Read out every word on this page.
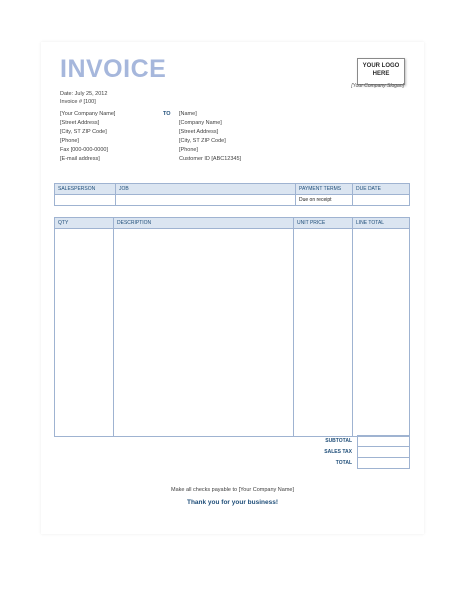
INVOICE	YOUR LOGO
HERE
[Your Company Slogan]
Date: July 25, 2012
Invoice # [100]
[Your Company Name]
[Street Address]
[City, ST ZIP Code]
[Phone]
Fax [000-000-0000]
[E-mail address]
TO [Name]
[Company Name]
[Street Address]
[City, ST ZIP Code]
[Phone]
Customer ID [ABC12345]
SALESPERSON	JOB	PAYMENT TERMS	DUE DATE
		Due on receipt	
QTY	DESCRIPTION	UNIT PRICE	LINE TOTAL

SUBTOTAL	
SALES TAX	
TOTAL	
Make all checks payable to [Your Company Name]
Thank you for your business!
